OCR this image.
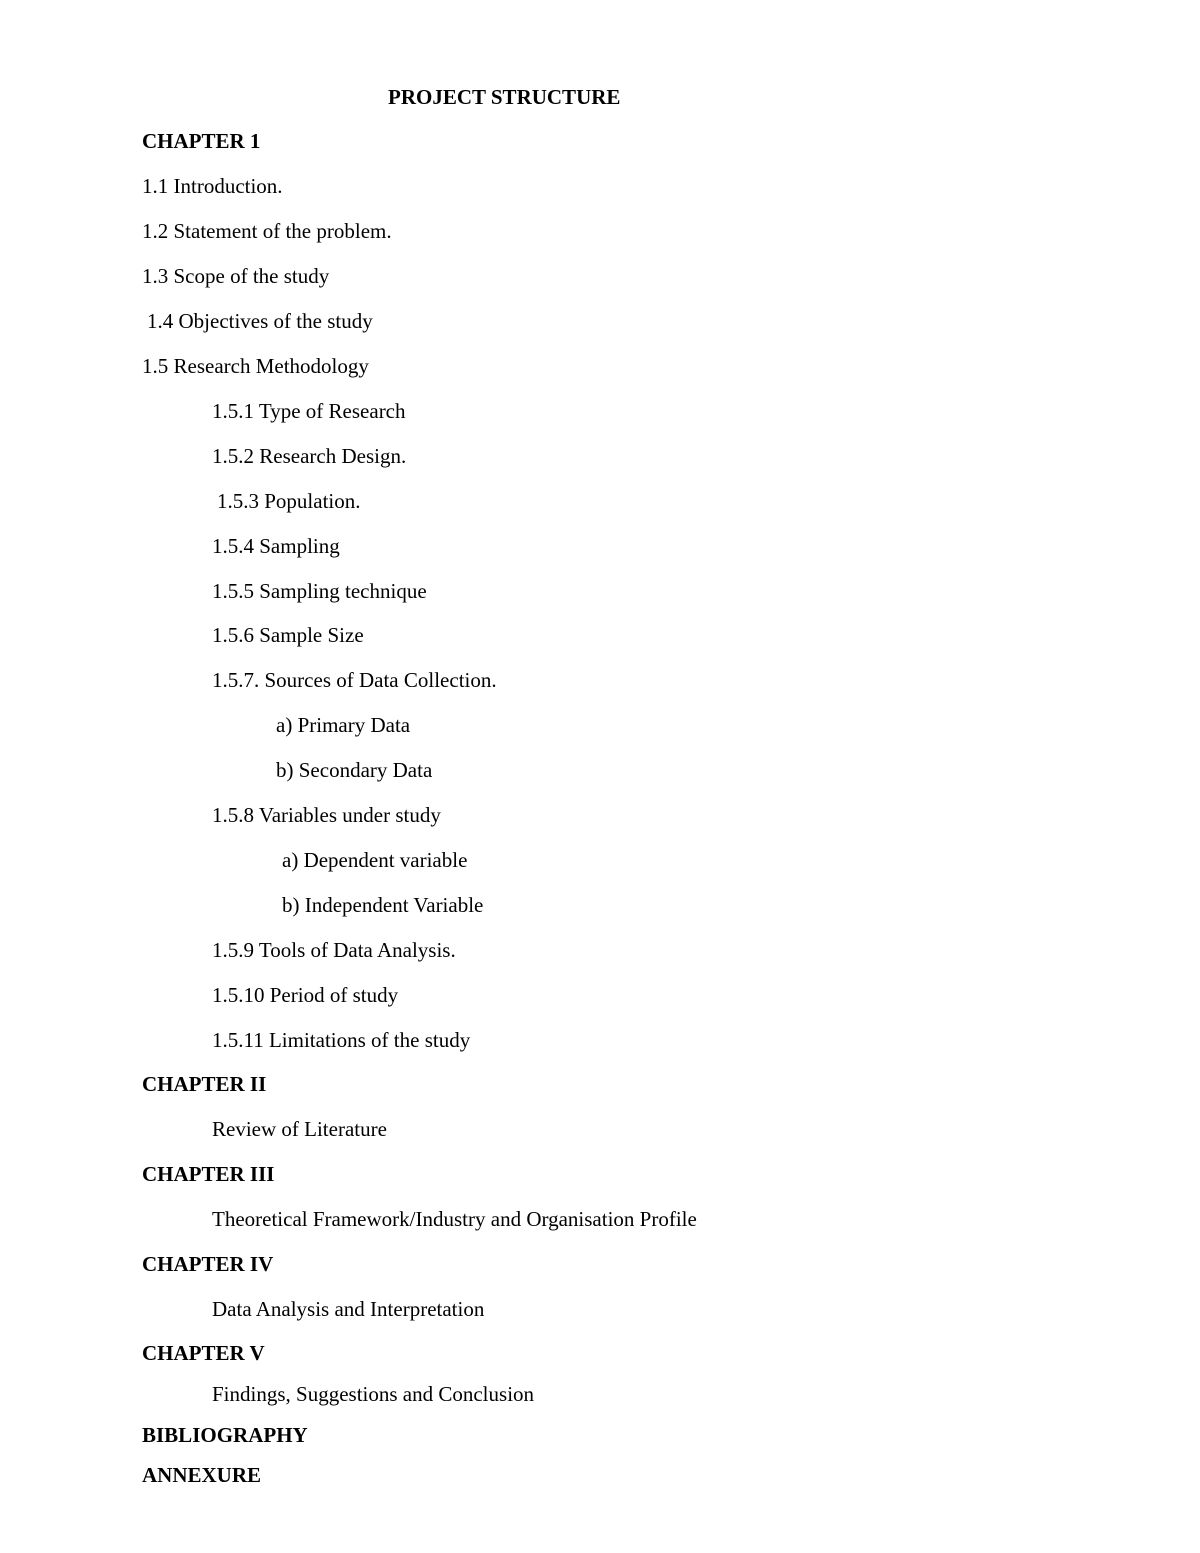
PROJECT STRUCTURE
CHAPTER 1
1.1 Introduction.
1.2 Statement of the problem.
1.3 Scope of the study
1.4 Objectives of the study
1.5 Research Methodology
1.5.1 Type of Research
1.5.2 Research Design.
1.5.3 Population.
1.5.4 Sampling
1.5.5 Sampling technique
1.5.6 Sample Size
1.5.7. Sources of Data Collection.
a) Primary Data
b) Secondary Data
1.5.8 Variables under study
a) Dependent variable
b) Independent Variable
1.5.9 Tools of Data Analysis.
1.5.10 Period of study
1.5.11 Limitations of the study
CHAPTER II
Review of Literature
CHAPTER III
Theoretical Framework/Industry and Organisation Profile
CHAPTER IV
Data Analysis and Interpretation
CHAPTER V
Findings, Suggestions and Conclusion
BIBLIOGRAPHY
ANNEXURE
